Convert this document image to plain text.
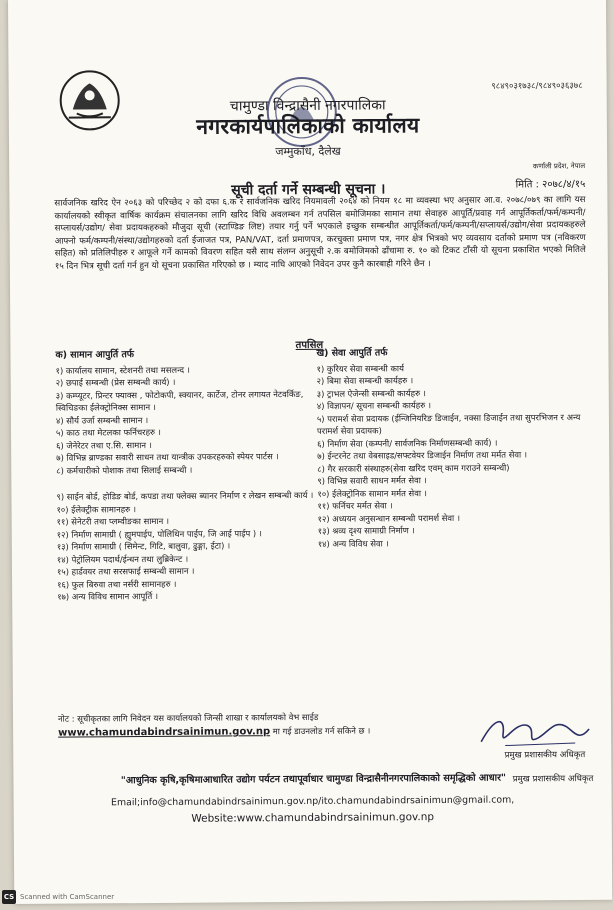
९८४९०३१७३८/९८४९०३६३७८
चामुण्डा विन्द्रासैनी नगरपालिका
नगरकार्यपालिकाको कार्यालय
जम्मुकाँध, दैलेख
कर्णाली प्रदेश, नेपाल
मिति : २०७८/४/१५
सूची दर्ता गर्ने सम्बन्धी सूचना ।
सार्वजनिक खरिद ऐन २०६३ को परिच्छेद २ को दफा ६.क र सार्वजनिक खरिद नियमावली २०६४ को नियम १८ मा व्यवस्था भए अनुसार आ.व. २०७८/०७९ का लागि यस कार्यालयको स्वीकृत वार्षिक कार्यक्रम संचालनका लागि खरिद विधि अवलम्बन गर्न तपसिल बमोजिमका सामान तथा सेवाहरु आपूर्ति/प्रवाह गर्न आपूर्तिकर्ता/फर्म/कम्पनी/सप्लायर्स/उद्योग/ सेवा प्रदायकहरुको मौजुदा सूची (स्टाण्डिङ लिष्ट) तयार गर्नु पर्ने भएकाले इच्छुक सम्बन्धीत आपूर्तिकर्ता/फर्म/कम्पनी/सप्लायर्स/उद्योग/सेवा प्रदायकहरुले आफ्नो फर्म/कम्पनी/संस्था/उद्योगहरुको दर्ता ईजाजत पत्र, PAN/VAT, दर्ता प्रमाणपत्र, करचुक्ता प्रमाण पत्र, नगर क्षेत्र भित्रको भए व्यवसाय दर्ताको प्रमाण पत्र (नविकरण सहित) को प्रतिलिपीहरु र आफूले गर्ने कामको विवरण सहित यसै साथ संलग्न अनुसूची २.क बमोजिमको ढाँचामा रु. १० को टिकट टाँसी यो सूचना प्रकाशित भएको मितिले १५ दिन भित्र सूची दर्ता गर्न हुन यो सूचना प्रकासित गरिएको छ । म्याद नाघि आएको निवेदन उपर कुनै कारबाही गरिने छैन ।
तपसिल
क) सामान आपुर्ति तर्फ
१) कार्यालय सामान, स्टेशनरी तथा मसलन्द ।
२) छपाई सम्बन्धी (प्रेस सम्बन्धी कार्य) ।
३) कम्प्यूटर, प्रिन्टर फ्याक्स , फोटोकपी, स्क्यानर, कार्टेज, टोनर लगायत नेटवर्किङ, स्विचिङका ईलेक्ट्रोनिक्स सामान ।
४) सौर्य उर्जा सम्बन्धी सामान ।
५) काठ तथा मेटलका फर्निचरहरु ।
६) जेनेरेटर तथा ए.सि. सामान ।
७) विभिन्न ब्राण्डका सवारी साधन तथा यान्त्रीक उपकरहरुको स्पेयर पार्टस ।
८) कर्मचारीको पोशाक तथा सिलाई सम्बन्धी ।
९) साईन बोर्ड, होडिङ बोर्ड, कपडा तथा फ्लेक्स ब्यानर निर्माण र लेखन सम्बन्धी कार्य ।
१०) ईलेक्ट्रीक सामानहरु ।
११) सेनेटरी तथा प्लम्वीङका सामान ।
१२) निर्माण सामाग्री ( ह्युमपाईप, पोलिथिन पाईप, जि आई पाईप ) ।
१३) निर्माण सामाग्री ( सिमेन्ट, गिटि, बालुवा, ढुङ्गा, ईटा) ।
१४) पेट्रोलियम पदार्थ/ईन्धन तथा लुब्रिकेन्ट ।
१५) हार्डवयर तथा सरसफाई सम्बन्धी सामान ।
१६) फुल बिरुवा तथा नर्सरी सामानहरु ।
१७) अन्य विविध सामान आपूर्ति ।
ख) सेवा आपुर्ति तर्फ
१) कुरियर सेवा सम्बन्धी कार्य
२) बिमा सेवा सम्बन्धी कार्यहरु ।
३) ट्राभल ऐजेन्सी सम्बन्धी कार्यहरु ।
४) विज्ञापन/ सूचना सम्बन्धी कार्यहरु ।
५) परामर्श सेवा प्रदायक (ईन्जिनियरिङ डिजाईन, नक्सा डिजाईन तथा सुपरभिजन र अन्य परामर्श सेवा प्रदायक)
६) निर्माण सेवा (कम्पनी/ सार्वजनिक निर्माणसम्बन्धी कार्य) ।
७) ईन्टरनेट तथा वेबसाइड/सफ्टवेयर डिजाईन निर्माण तथा मर्मत सेवा ।
८) गैर सरकारी संस्थाहरु(सेवा खरिद एवम् काम गराउने सम्बन्धी)
९) विभिन्न सवारी साधन मर्मत सेवा ।
१०) ईलेक्ट्रोनिक सामान मर्मत सेवा ।
११) फर्निचर मर्मत सेवा ।
१२) अध्ययन अनुसन्धान सम्बन्धी परामर्श सेवा ।
१३) श्रव्य दृश्य सामाग्री निर्माण ।
१४) अन्य विविध सेवा ।
नोट : सूचीकृतका लागि निवेदन यस कार्यालयको जिन्सी शाखा र कार्यालयको वेभ साईड
www.chamundabindrsainimun.gov.np मा गई डाउनलोड गर्न सकिने छ ।
प्रमुख प्रशासकीय अधिकृत
प्रमुख प्रशासकीय अधिकृत
"आधुनिक कृषि,कृषिमाआधारित उद्योग पर्यटन तथापूर्वाधार चामुण्डा विन्द्रासैनीनगरपालिकाको समृद्धिको आधार"
Email;info@chamundabindrsainimun.gov.np/ito.chamundabindrsainimun@gmail.com,
Website:www.chamundabindrsainimun.gov.np
CS Scanned with CamScanner
